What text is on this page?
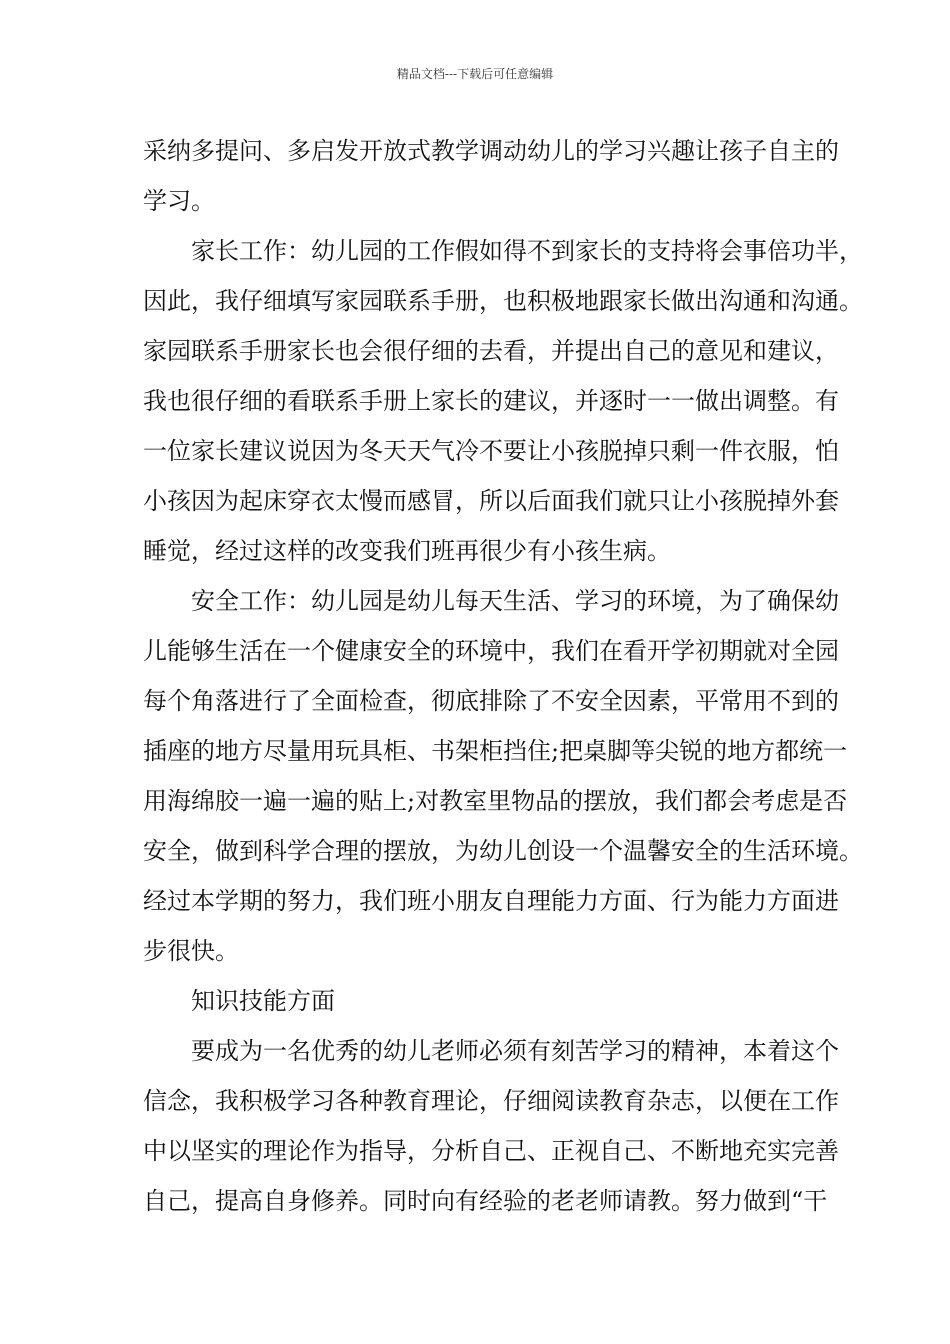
精品文档---下载后可任意编辑
采纳多提问、多启发开放式教学调动幼儿的学习兴趣让孩子自主的
学习。
家长工作：幼儿园的工作假如得不到家长的支持将会事倍功半，
因此，我仔细填写家园联系手册，也积极地跟家长做出沟通和沟通。
家园联系手册家长也会很仔细的去看，并提出自己的意见和建议，
我也很仔细的看联系手册上家长的建议，并逐时一一做出调整。有
一位家长建议说因为冬天天气冷不要让小孩脱掉只剩一件衣服，怕
小孩因为起床穿衣太慢而感冒，所以后面我们就只让小孩脱掉外套
睡觉，经过这样的改变我们班再很少有小孩生病。
安全工作：幼儿园是幼儿每天生活、学习的环境，为了确保幼
儿能够生活在一个健康安全的环境中，我们在看开学初期就对全园
每个角落进行了全面检查，彻底排除了不安全因素，平常用不到的
插座的地方尽量用玩具柜、书架柜挡住;把桌脚等尖锐的地方都统一
用海绵胶一遍一遍的贴上;对教室里物品的摆放，我们都会考虑是否
安全，做到科学合理的摆放，为幼儿创设一个温馨安全的生活环境。
经过本学期的努力，我们班小朋友自理能力方面、行为能力方面进
步很快。
知识技能方面
要成为一名优秀的幼儿老师必须有刻苦学习的精神，本着这个
信念，我积极学习各种教育理论，仔细阅读教育杂志，以便在工作
中以坚实的理论作为指导，分析自己、正视自己、不断地充实完善
自己，提高自身修养。同时向有经验的老老师请教。努力做到“干
